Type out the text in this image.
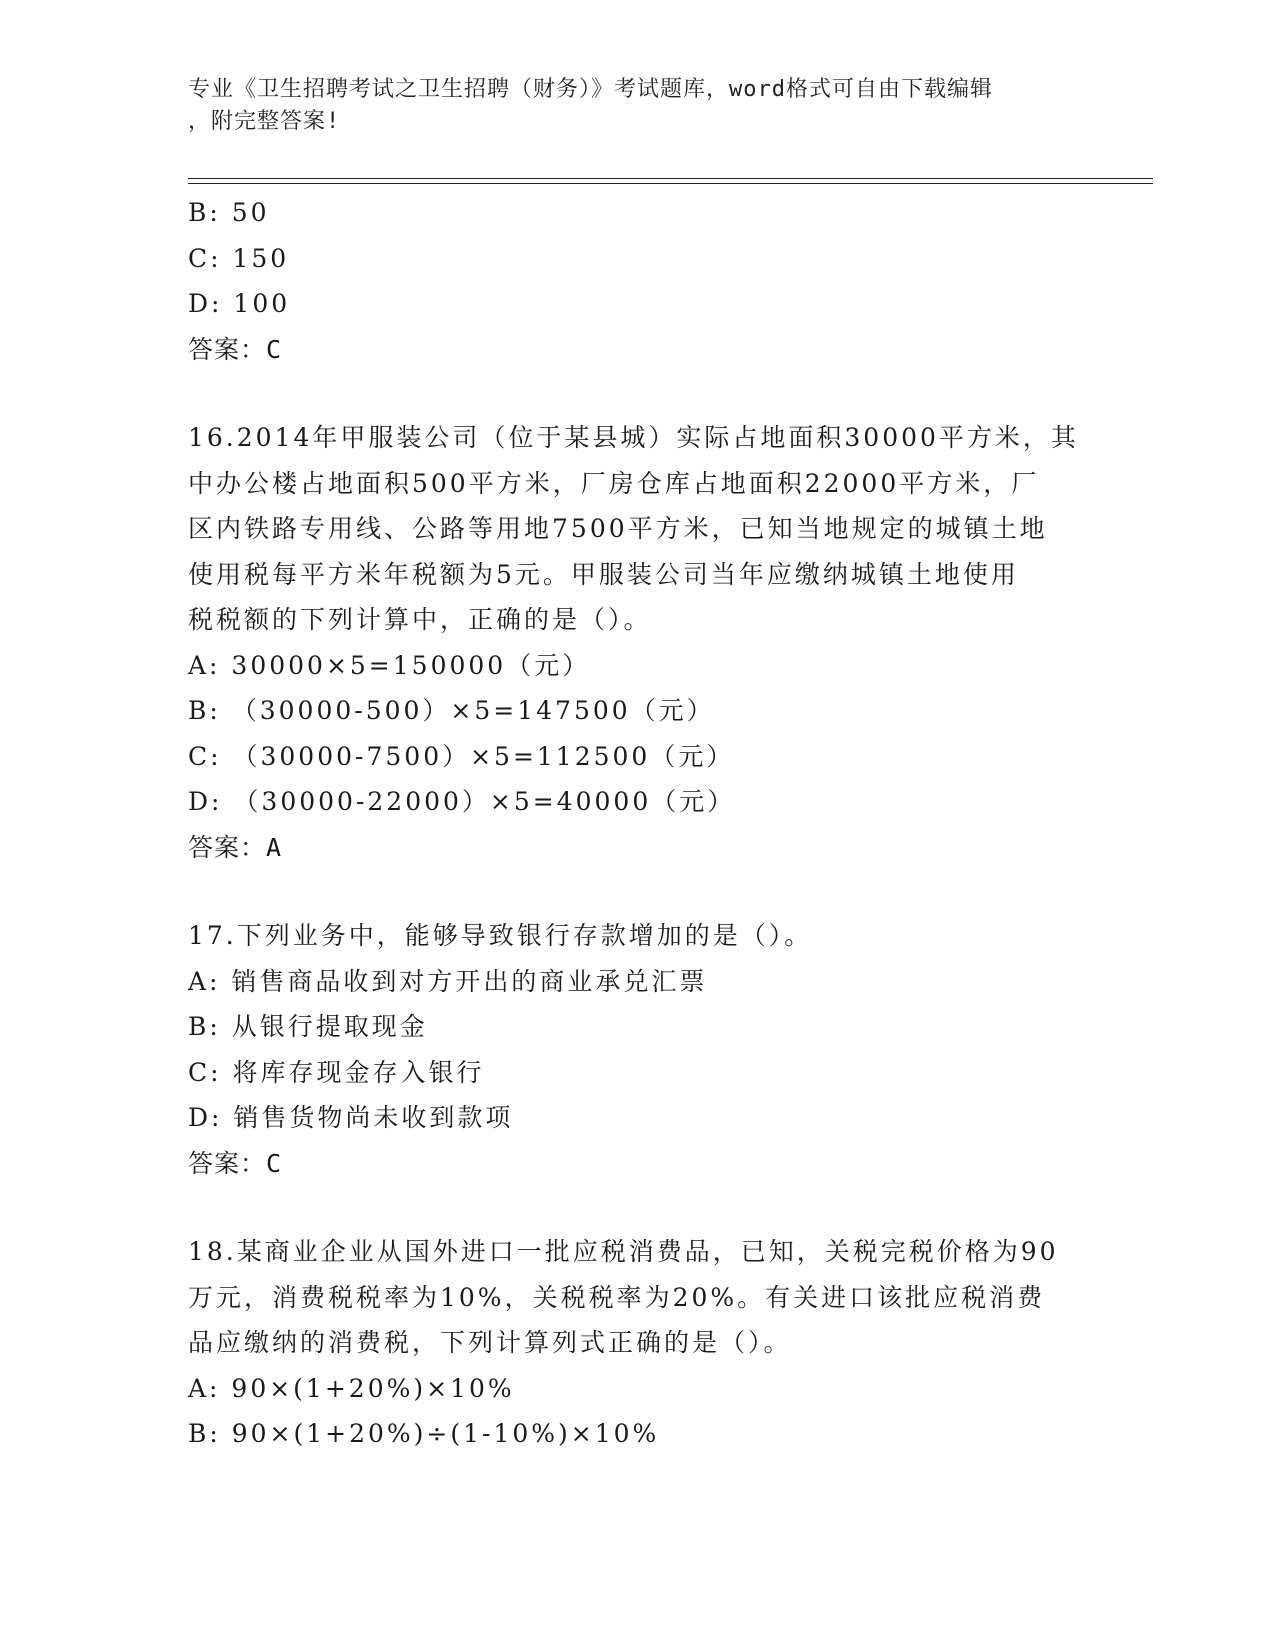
专业《卫生招聘考试之卫生招聘（财务）》考试题库，word格式可自由下载编辑
，附完整答案!
B: 50
C: 150
D: 100
答案：C
16.2014年甲服装公司（位于某县城）实际占地面积30000平方米，其
中办公楼占地面积500平方米，厂房仓库占地面积22000平方米，厂
区内铁路专用线、公路等用地7500平方米，已知当地规定的城镇土地
使用税每平方米年税额为5元。甲服装公司当年应缴纳城镇土地使用
税税额的下列计算中，正确的是（）。
A: 30000×5=150000（元）
B: （30000-500）×5=147500（元）
C: （30000-7500）×5=112500（元）
D: （30000-22000）×5=40000（元）
答案：A
17.下列业务中，能够导致银行存款增加的是（）。
A: 销售商品收到对方开出的商业承兑汇票
B: 从银行提取现金
C: 将库存现金存入银行
D: 销售货物尚未收到款项
答案：C
18.某商业企业从国外进口一批应税消费品，已知，关税完税价格为90
万元，消费税税率为10%，关税税率为20%。有关进口该批应税消费
品应缴纳的消费税，下列计算列式正确的是（）。
A: 90×(1+20%)×10%
B: 90×(1+20%)÷(1-10%)×10%
